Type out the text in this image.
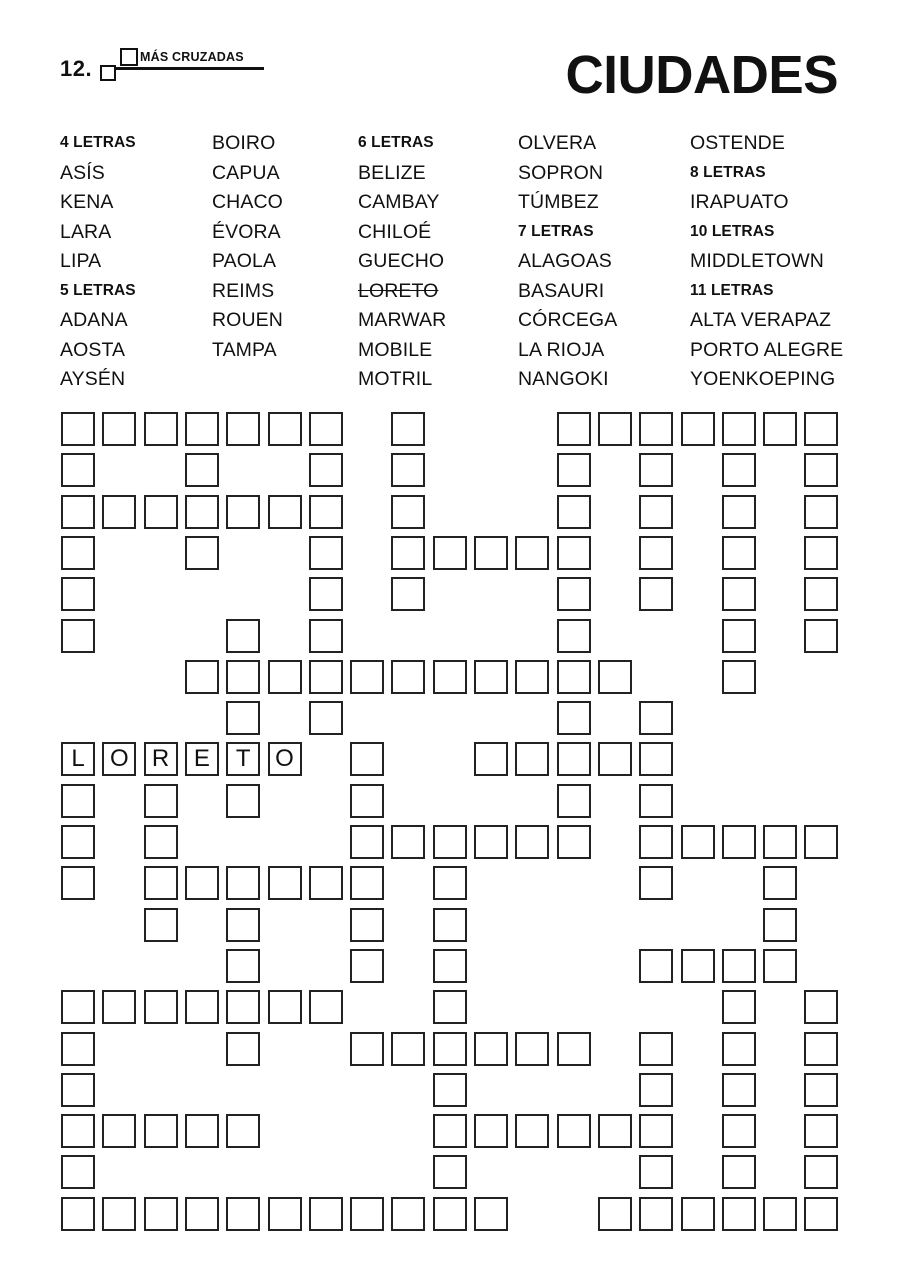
12.	MÁS CRUZADAS	CIUDADES
4 LETRAS
ASÍS
KENA
LARA
LIPA
5 LETRAS
ADANA
AOSTA
AYSÉN
BOIRO
CAPUA
CHACO
ÉVORA
PAOLA
REIMS
ROUEN
TAMPA
6 LETRAS
BELIZE
CAMBAY
CHILOÉ
GUECHO
LORETO
MARWAR
MOBILE
MOTRIL
OLVERA
SOPRON
TÚMBEZ
7 LETRAS
ALAGOAS
BASAURI
CÓRCEGA
LA RIOJA
NANGOKI
OSTENDE
8 LETRAS
IRAPUATO
10 LETRAS
MIDDLETOWN
11 LETRAS
ALTA VERAPAZ
PORTO ALEGRE
YOENKOEPING
L	O R	E	T	O
